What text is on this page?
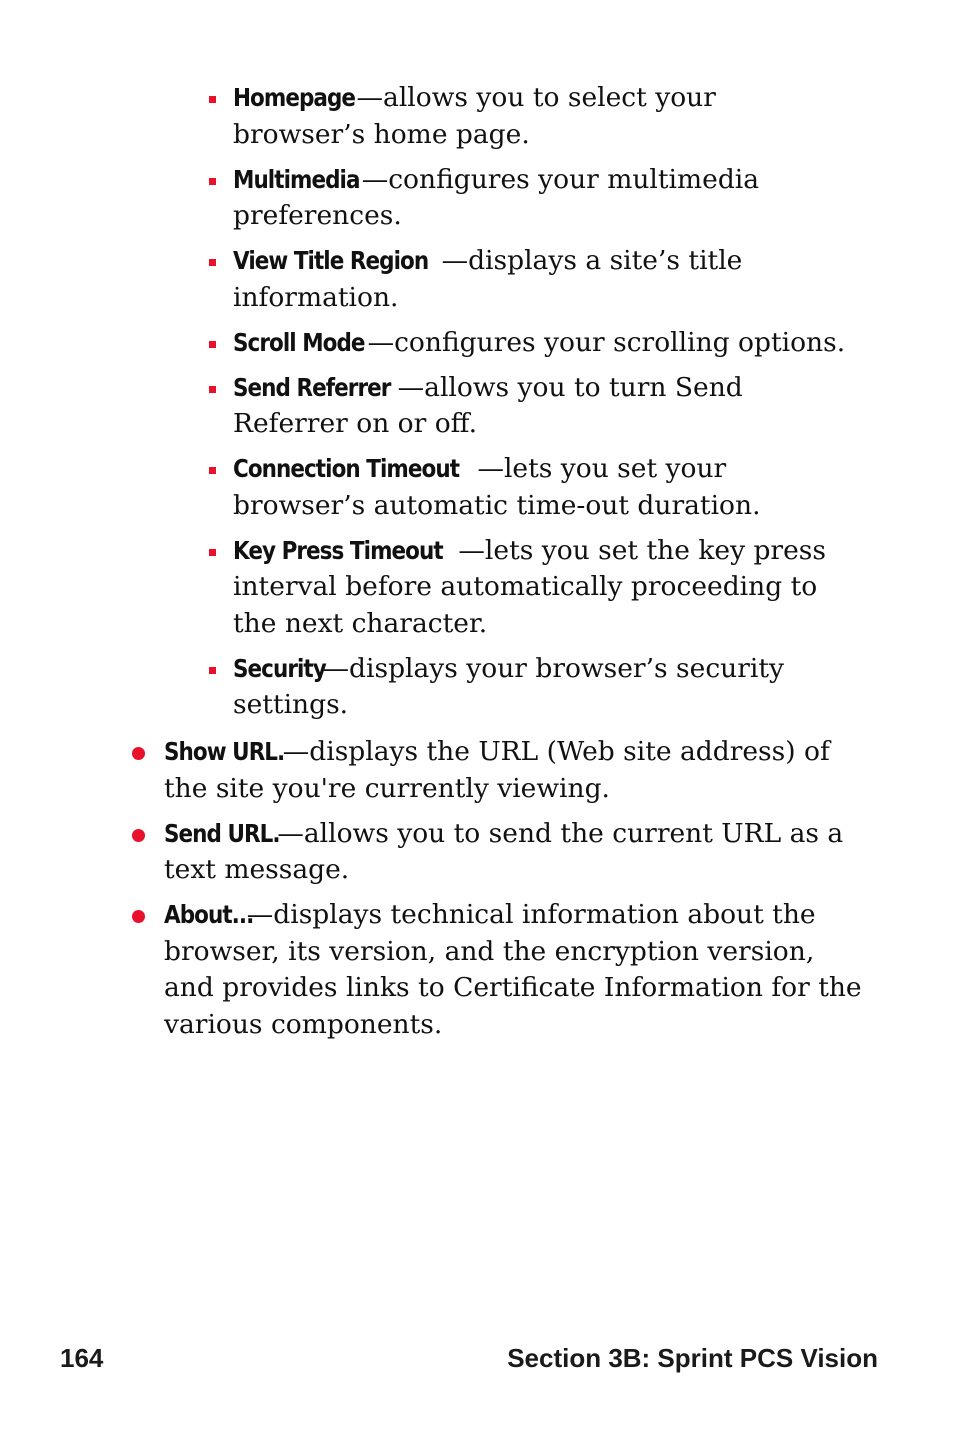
Homepage—allows you to select your browser’s home page.
Multimedia—configures your multimedia preferences.
View Title Region —displays a site’s title information.
Scroll Mode —configures your scrolling options.
Send Referrer —allows you to turn Send Referrer on or off.
Connection Timeout —lets you set your browser’s automatic time-out duration.
Key Press Timeout —lets you set the key press interval before automatically proceeding to the next character.
Security—displays your browser’s security settings.
Show URL.—displays the URL (Web site address) of the site you're currently viewing.
Send URL.—allows you to send the current URL as a text message.
About...—displays technical information about the browser, its version, and the encryption version, and provides links to Certificate Information for the various components.
164	Section 3B: Sprint PCS Vision
